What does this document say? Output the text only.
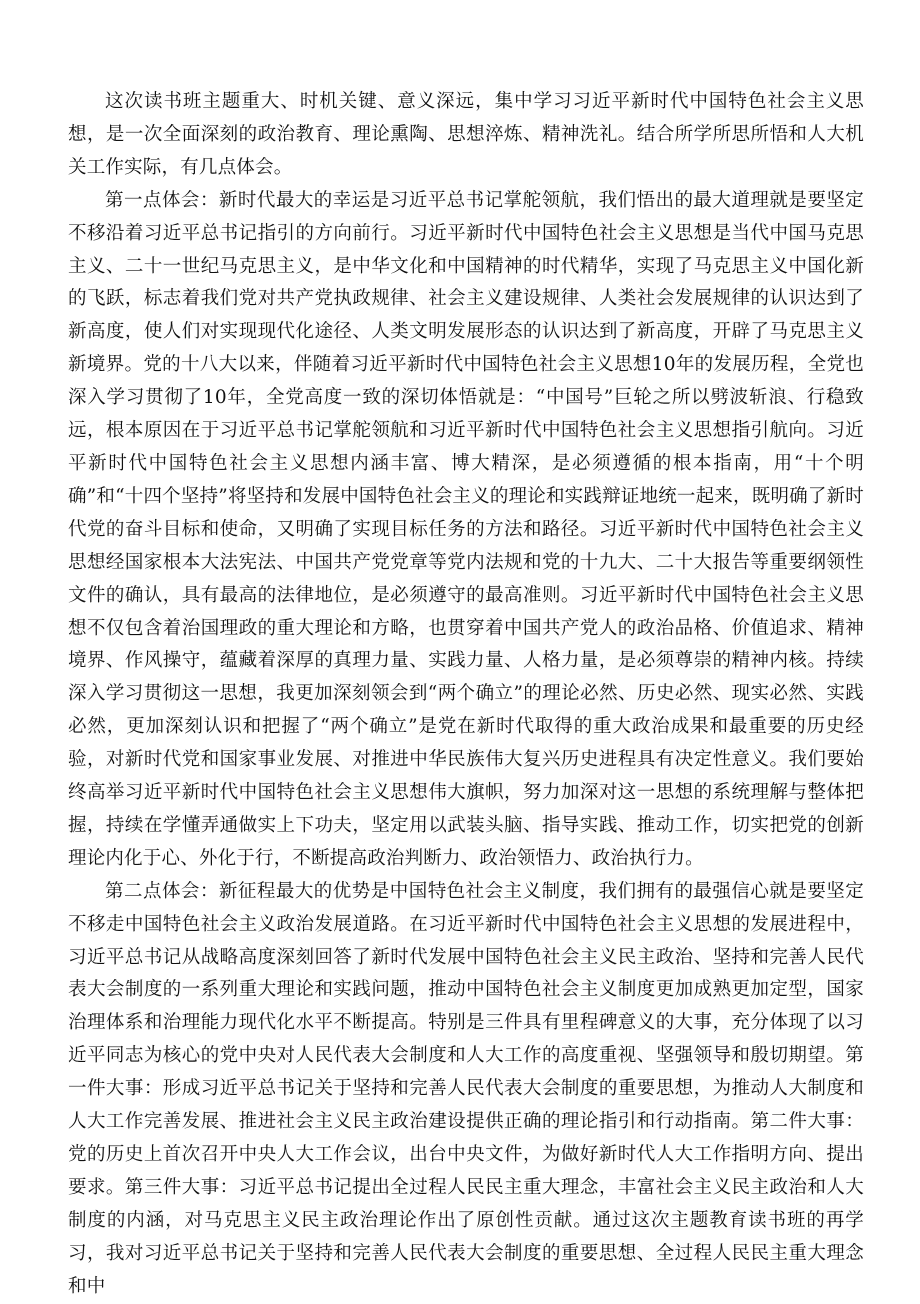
这次读书班主题重大、时机关键、意义深远，集中学习习近平新时代中国特色社会主义思想，是一次全面深刻的政治教育、理论熏陶、思想淬炼、精神洗礼。结合所学所思所悟和人大机关工作实际，有几点体会。

第一点体会：新时代最大的幸运是习近平总书记掌舵领航，我们悟出的最大道理就是要坚定不移沿着习近平总书记指引的方向前行。习近平新时代中国特色社会主义思想是当代中国马克思主义、二十一世纪马克思主义，是中华文化和中国精神的时代精华，实现了马克思主义中国化新的飞跃，标志着我们党对共产党执政规律、社会主义建设规律、人类社会发展规律的认识达到了新高度，使人们对实现现代化途径、人类文明发展形态的认识达到了新高度，开辟了马克思主义新境界。党的十八大以来，伴随着习近平新时代中国特色社会主义思想10年的发展历程，全党也深入学习贯彻了10年，全党高度一致的深切体悟就是：“中国号”巨轮之所以劈波斩浪、行稳致远，根本原因在于习近平总书记掌舵领航和习近平新时代中国特色社会主义思想指引航向。习近平新时代中国特色社会主义思想内涵丰富、博大精深，是必须遵循的根本指南，用“十个明确”和“十四个坚持”将坚持和发展中国特色社会主义的理论和实践辩证地统一起来，既明确了新时代党的奋斗目标和使命，又明确了实现目标任务的方法和路径。习近平新时代中国特色社会主义思想经国家根本大法宪法、中国共产党党章等党内法规和党的十九大、二十大报告等重要纲领性文件的确认，具有最高的法律地位，是必须遵守的最高准则。习近平新时代中国特色社会主义思想不仅包含着治国理政的重大理论和方略，也贯穿着中国共产党人的政治品格、价值追求、精神境界、作风操守，蕴藏着深厚的真理力量、实践力量、人格力量，是必须尊崇的精神内核。持续深入学习贯彻这一思想，我更加深刻领会到“两个确立”的理论必然、历史必然、现实必然、实践必然，更加深刻认识和把握了“两个确立”是党在新时代取得的重大政治成果和最重要的历史经验，对新时代党和国家事业发展、对推进中华民族伟大复兴历史进程具有决定性意义。我们要始终高举习近平新时代中国特色社会主义思想伟大旗帜，努力加深对这一思想的系统理解与整体把握，持续在学懂弄通做实上下功夫，坚定用以武装头脑、指导实践、推动工作，切实把党的创新理论内化于心、外化于行，不断提高政治判断力、政治领悟力、政治执行力。

第二点体会：新征程最大的优势是中国特色社会主义制度，我们拥有的最强信心就是要坚定不移走中国特色社会主义政治发展道路。在习近平新时代中国特色社会主义思想的发展进程中，习近平总书记从战略高度深刻回答了新时代发展中国特色社会主义民主政治、坚持和完善人民代表大会制度的一系列重大理论和实践问题，推动中国特色社会主义制度更加成熟更加定型，国家治理体系和治理能力现代化水平不断提高。特别是三件具有里程碑意义的大事，充分体现了以习近平同志为核心的党中央对人民代表大会制度和人大工作的高度重视、坚强领导和殷切期望。第一件大事：形成习近平总书记关于坚持和完善人民代表大会制度的重要思想，为推动人大制度和人大工作完善发展、推进社会主义民主政治建设提供正确的理论指引和行动指南。第二件大事：党的历史上首次召开中央人大工作会议，出台中央文件，为做好新时代人大工作指明方向、提出要求。第三件大事：习近平总书记提出全过程人民民主重大理念，丰富社会主义民主政治和人大制度的内涵，对马克思主义民主政治理论作出了原创性贡献。通过这次主题教育读书班的再学习，我对习近平总书记关于坚持和完善人民代表大会制度的重要思想、全过程人民民主重大理念和中
